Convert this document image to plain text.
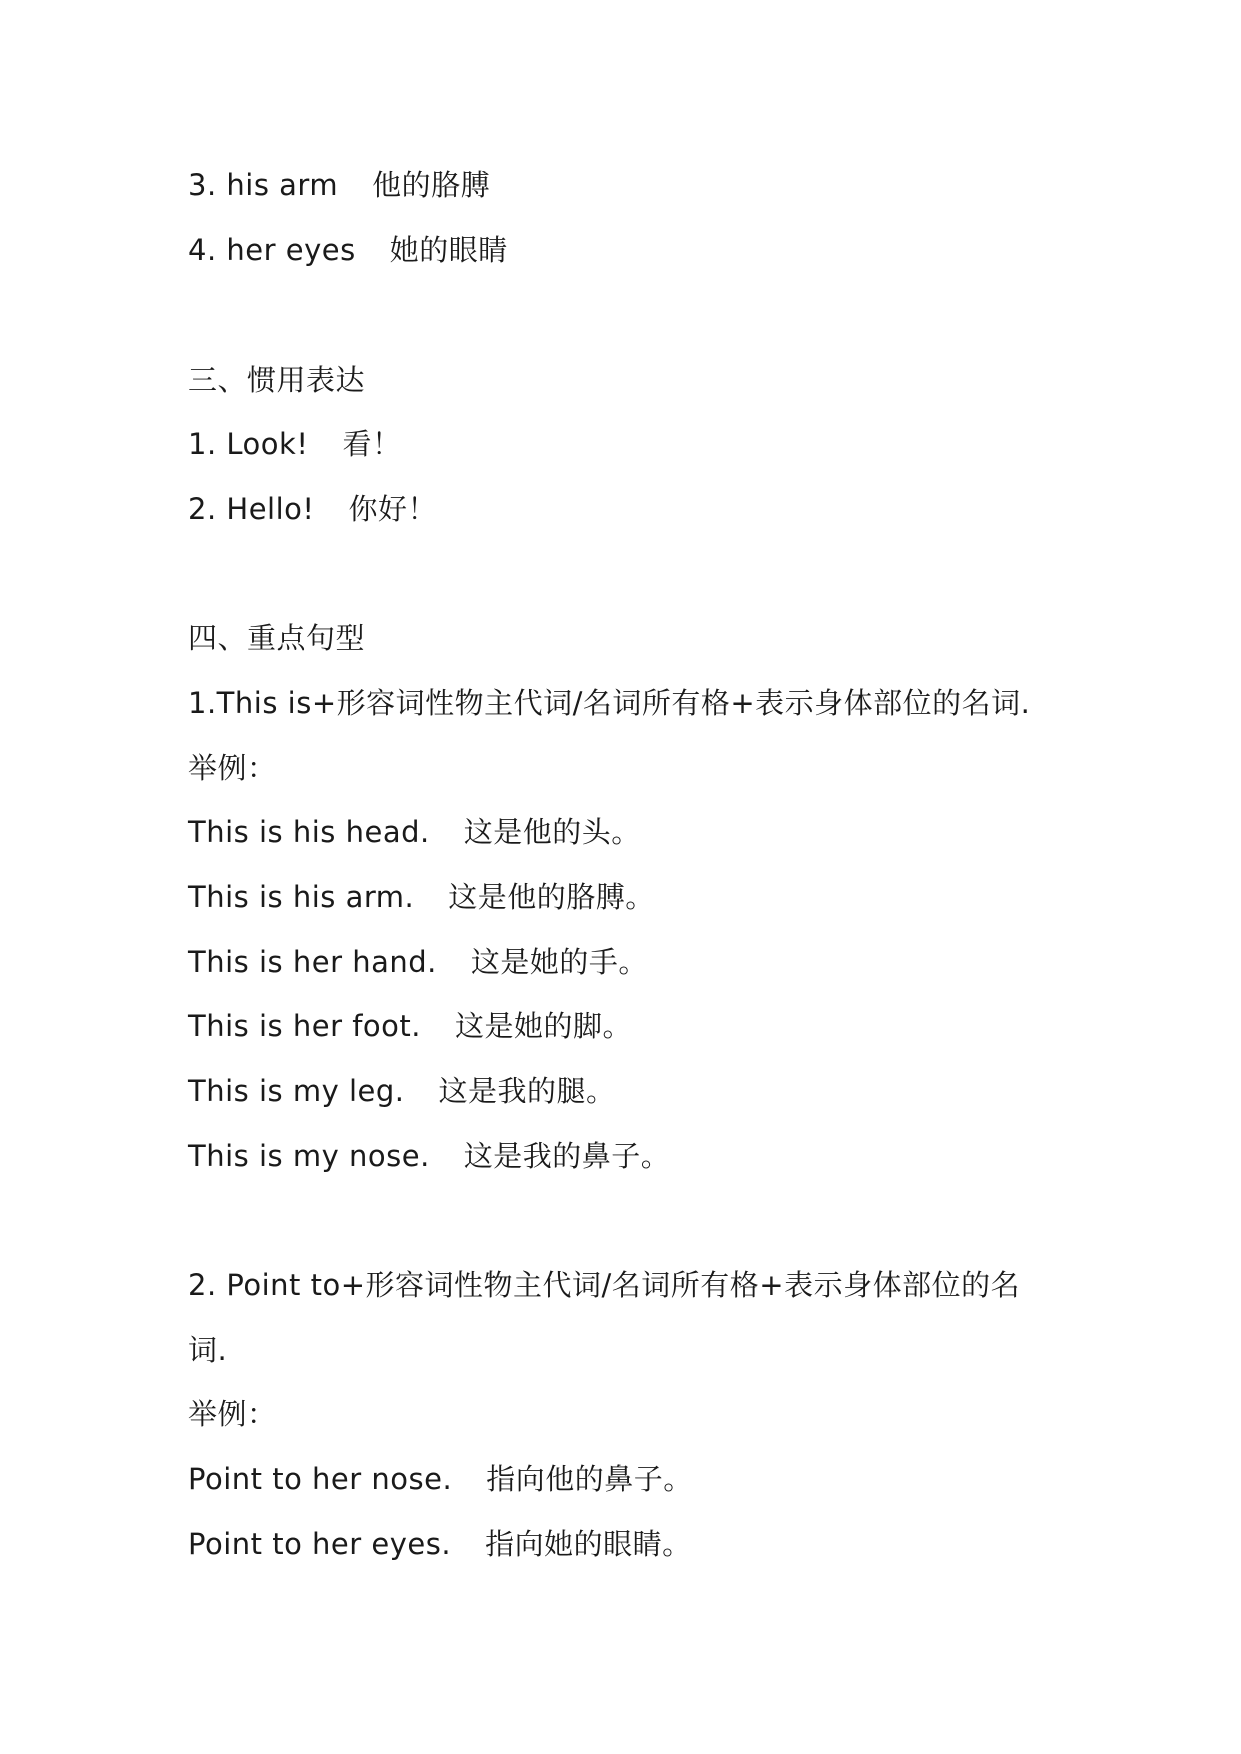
3. his arm 他的胳膊
4. her eyes 她的眼睛
三、惯用表达
1. Look! 看！
2. Hello! 你好！
四、重点句型
1.This is+形容词性物主代词/名词所有格+表示身体部位的名词.
举例：
This is his head. 这是他的头。
This is his arm. 这是他的胳膊。
This is her hand. 这是她的手。
This is her foot. 这是她的脚。
This is my leg. 这是我的腿。
This is my nose. 这是我的鼻子。
2. Point to+形容词性物主代词/名词所有格+表示身体部位的名
词.
举例：
Point to her nose. 指向他的鼻子。
Point to her eyes. 指向她的眼睛。
